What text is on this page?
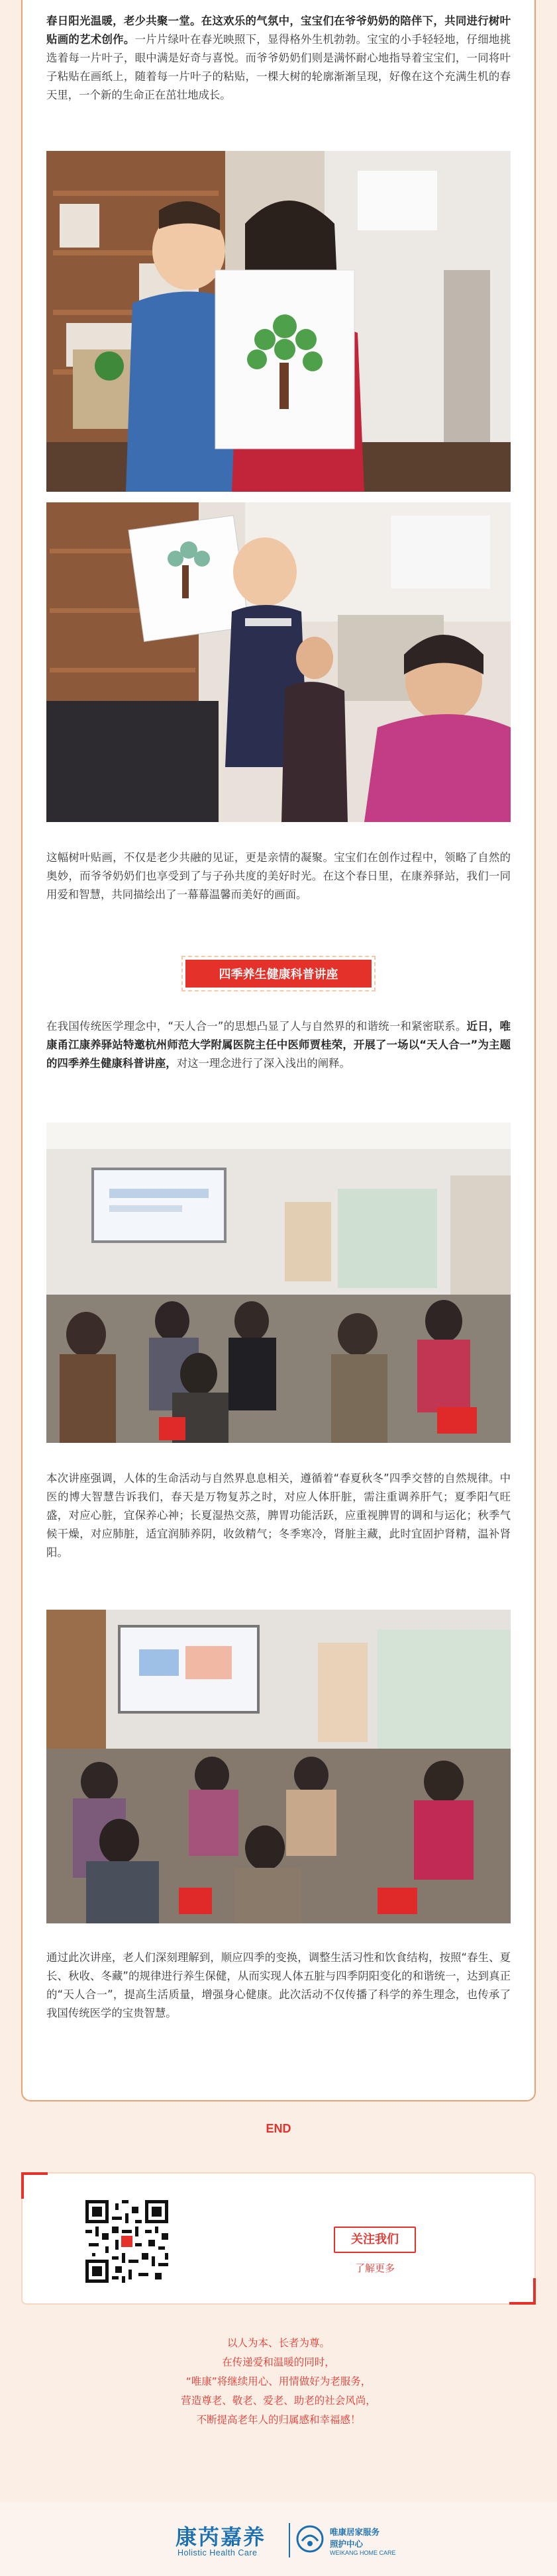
春日阳光温暖，老少共聚一堂。在这欢乐的气氛中，宝宝们在爷爷奶奶的陪伴下，共同进行树叶贴画的艺术创作。一片片绿叶在春光映照下，显得格外生机勃勃。宝宝的小手轻轻地，仔细地挑选着每一片叶子，眼中满是好奇与喜悦。而爷爷奶奶们则是满怀耐心地指导着宝宝们，一同将叶子粘贴在画纸上，随着每一片叶子的粘贴，一棵大树的轮廓渐渐呈现，好像在这个充满生机的春天里，一个新的生命正在茁壮地成长。

这幅树叶贴画，不仅是老少共融的见证，更是亲情的凝聚。宝宝们在创作过程中，领略了自然的奥妙，而爷爷奶奶们也享受到了与子孙共度的美好时光。在这个春日里，在康养驿站，我们一同用爱和智慧，共同描绘出了一幕幕温馨而美好的画面。

四季养生健康科普讲座

在我国传统医学理念中，“天人合一”的思想凸显了人与自然界的和谐统一和紧密联系。近日，唯康甬江康养驿站特邀杭州师范大学附属医院主任中医师贾桂荣，开展了一场以“天人合一”为主题的四季养生健康科普讲座，对这一理念进行了深入浅出的阐释。

本次讲座强调，人体的生命活动与自然界息息相关，遵循着“春夏秋冬”四季交替的自然规律。中医的博大智慧告诉我们，春天是万物复苏之时，对应人体肝脏，需注重调养肝气；夏季阳气旺盛，对应心脏，宜保养心神；长夏湿热交蒸，脾胃功能活跃，应重视脾胃的调和与运化；秋季气候干燥，对应肺脏，适宜润肺养阴，收敛精气；冬季寒冷，肾脏主藏，此时宜固护肾精，温补肾阳。

通过此次讲座，老人们深刻理解到，顺应四季的变换，调整生活习性和饮食结构，按照“春生、夏长、秋收、冬藏”的规律进行养生保健，从而实现人体五脏与四季阴阳变化的和谐统一，达到真正的“天人合一”，提高生活质量，增强身心健康。此次活动不仅传播了科学的养生理念，也传承了我国传统医学的宝贵智慧。

END
关注我们
了解更多
以人为本、长者为尊。
在传递爱和温暖的同时，
“唯康”将继续用心、用情做好为老服务，
营造尊老、敬老、爱老、助老的社会风尚，
不断提高老年人的归属感和幸福感！
康芮嘉养
Holistic Health Care
唯康居家服务
照护中心
WEIKANG HOME CARE
